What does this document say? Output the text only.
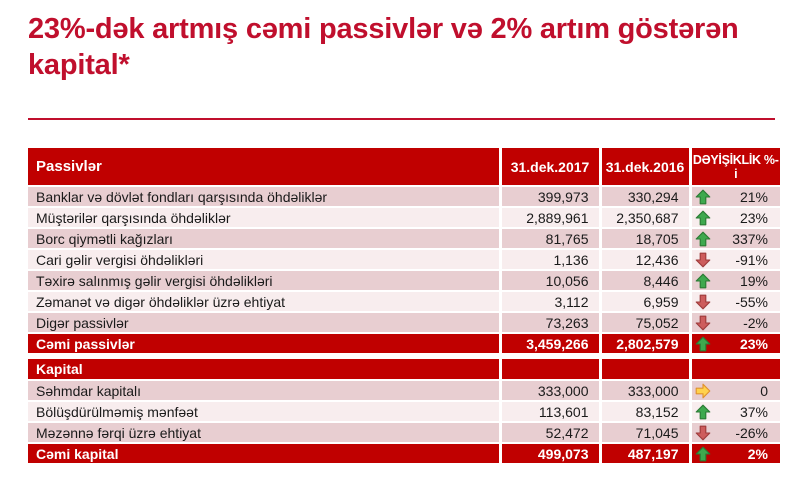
23%-dək artmış cəmi passivlər və 2% artım göstərən kapital*
Passivlər	31.dek.2017	31.dek.2016	DƏYİŞİKLİK %-i
Banklar və dövlət fondları qarşısında öhdəliklər	399,973	330,294	21%

Müştərilər qarşısında öhdəliklər	2,889,961	2,350,687	23%

Borc qiymətli kağızları	81,765	18,705	337%

Cari gəlir vergisi öhdəlikləri	1,136	12,436	-91%

Təxirə salınmış gəlir vergisi öhdəlikləri	10,056	8,446	19%

Zəmanət və digər öhdəliklər üzrə ehtiyat	3,112	6,959	-55%

Digər passivlər	73,263	75,052	-2%

Cəmi passivlər	3,459,266	2,802,579	23%

Kapital			
Səhmdar kapitalı	333,000	333,000	0

Bölüşdürülməmiş mənfəət	113,601	83,152	37%

Məzənnə fərqi üzrə ehtiyat	52,472	71,045	-26%

Cəmi kapital	499,073	487,197	2%
